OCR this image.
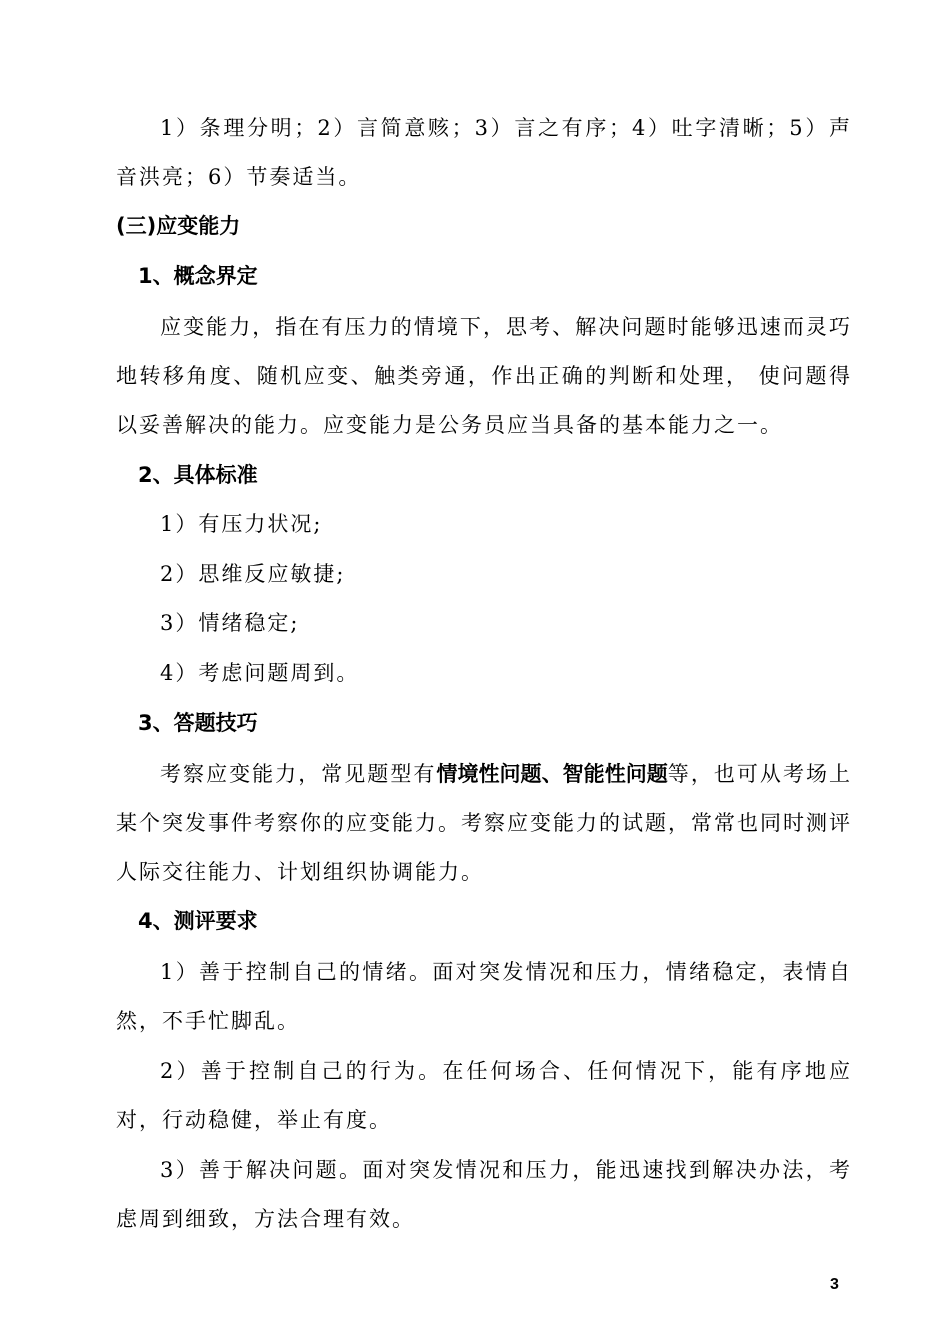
1）条理分明；2）言简意赅；3）言之有序；4）吐字清晰；5）声音洪亮；6）节奏适当。

(三)应变能力
1、概念界定

应变能力，指在有压力的情境下，思考、解决问题时能够迅速而灵巧地转移角度、随机应变、触类旁通，作出正确的判断和处理， 使问题得以妥善解决的能力。应变能力是公务员应当具备的基本能力之一。

2、具体标准

1）有压力状况;

2）思维反应敏捷;

3）情绪稳定;

4）考虑问题周到。

3、答题技巧

考察应变能力，常见题型有情境性问题、智能性问题等，也可从考场上某个突发事件考察你的应变能力。考察应变能力的试题，常常也同时测评人际交往能力、计划组织协调能力。

4、测评要求

1）善于控制自己的情绪。面对突发情况和压力，情绪稳定，表情自然，不手忙脚乱。

2）善于控制自己的行为。在任何场合、任何情况下，能有序地应对，行动稳健，举止有度。

3）善于解决问题。面对突发情况和压力，能迅速找到解决办法，考虑周到细致，方法合理有效。

3
